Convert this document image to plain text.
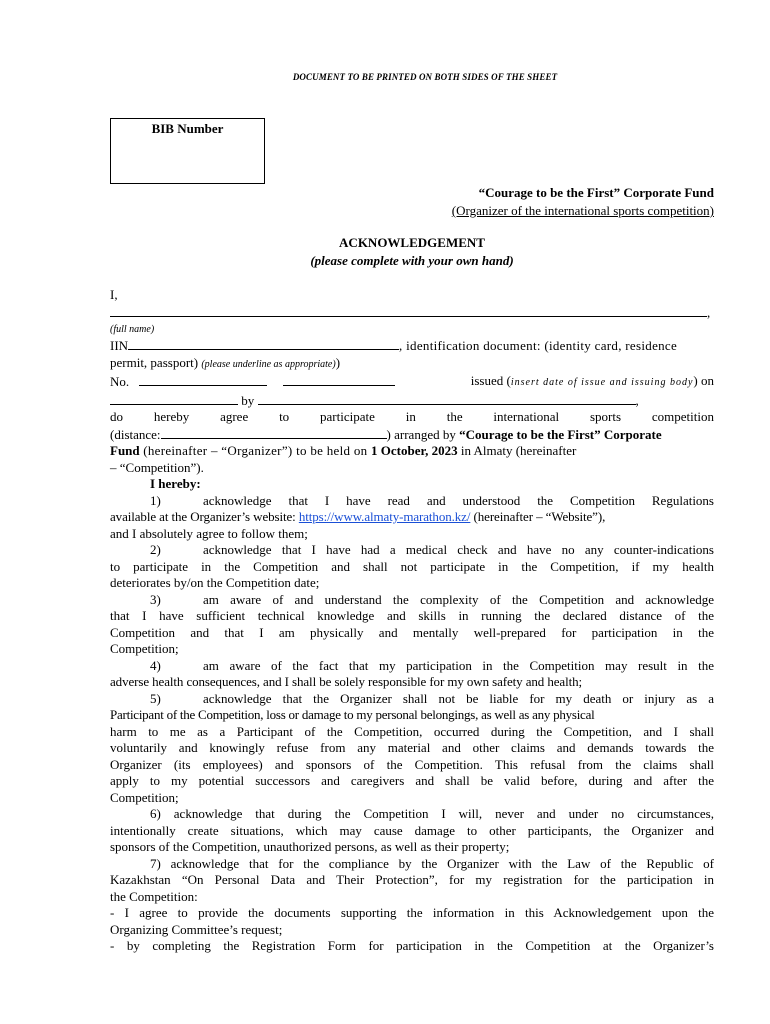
DOCUMENT TO BE PRINTED ON BOTH SIDES OF THE SHEET
BIB Number
“Courage to be the First” Corporate Fund
(Organizer of the international sports competition)
ACKNOWLEDGEMENT
(please complete with your own hand)
I,
,
(full name)
IIN	, identification document: (identity card, residence
permit, passport) (please underline as appropriate))
No.	issued (insert date of issue and issuing body) on
by	,
do hereby agree to participate in the international sports competition
(distance:	) arranged by “Courage to be the First” Corporate
Fund (hereinafter – “Organizer”) to be held on 1 October, 2023 in Almaty (hereinafter
– “Competition”).
I hereby:
1)	acknowledge that I have read and understood the Competition Regulations
available at the Organizer’s website: https://www.almaty-marathon.kz/ (hereinafter – “Website”),
and I absolutely agree to follow them;
2)	acknowledge that I have had a medical check and have no any counter-indications
to participate in the Competition and shall not participate in the Competition, if my health
deteriorates by/on the Competition date;
3)	am aware of and understand the complexity of the Competition and acknowledge
that I have sufficient technical knowledge and skills in running the declared distance of the
Competition and that I am physically and mentally well-prepared for participation in the
Competition;
4)	am aware of the fact that my participation in the Competition may result in the
adverse health consequences, and I shall be solely responsible for my own safety and health;
5)	acknowledge that the Organizer shall not be liable for my death or injury as a
Participant of the Competition, loss or damage to my personal belongings, as well as any physical
harm to me as a Participant of the Competition, occurred during the Competition, and I shall
voluntarily and knowingly refuse from any material and other claims and demands towards the
Organizer (its employees) and sponsors of the Competition. This refusal from the claims shall
apply to my potential successors and caregivers and shall be valid before, during and after the
Competition;
6) acknowledge that during the Competition I will, never and under no circumstances,
intentionally create situations, which may cause damage to other participants, the Organizer and
sponsors of the Competition, unauthorized persons, as well as their property;
7) acknowledge that for the compliance by the Organizer with the Law of the Republic of
Kazakhstan “On Personal Data and Their Protection”, for my registration for the participation in
the Competition:
- I agree to provide the documents supporting the information in this Acknowledgement upon the
Organizing Committee’s request;
- by completing the Registration Form for participation in the Competition at the Organizer’s
